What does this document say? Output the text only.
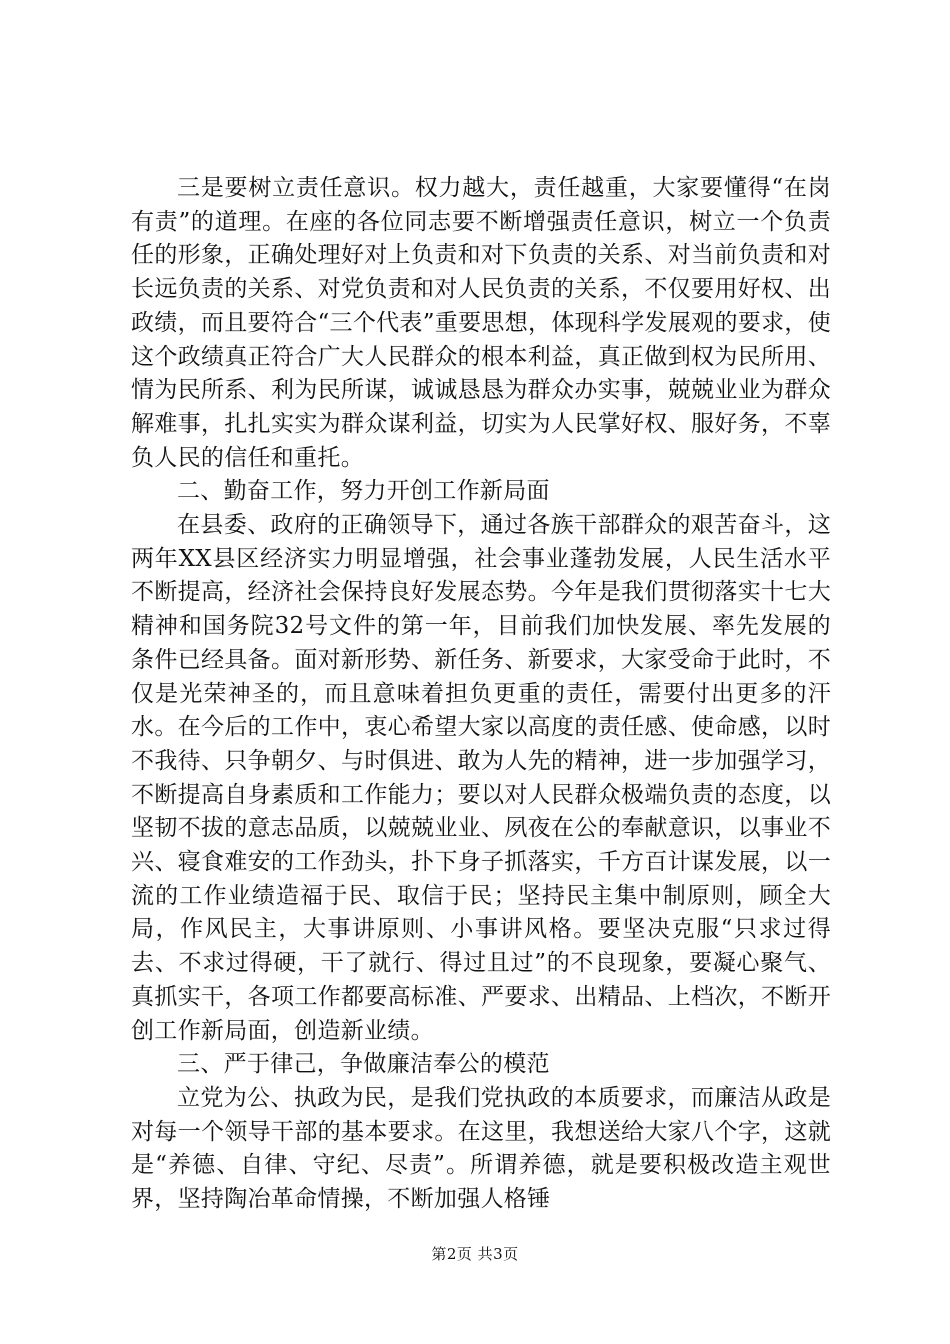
三是要树立责任意识。权力越大，责任越重，大家要懂得“在岗有责”的道理。在座的各位同志要不断增强责任意识，树立一个负责任的形象，正确处理好对上负责和对下负责的关系、对当前负责和对长远负责的关系、对党负责和对人民负责的关系，不仅要用好权、出政绩，而且要符合“三个代表”重要思想，体现科学发展观的要求，使这个政绩真正符合广大人民群众的根本利益，真正做到权为民所用、情为民所系、利为民所谋，诚诚恳恳为群众办实事，兢兢业业为群众解难事，扎扎实实为群众谋利益，切实为人民掌好权、服好务，不辜负人民的信任和重托。

二、勤奋工作，努力开创工作新局面

在县委、政府的正确领导下，通过各族干部群众的艰苦奋斗，这两年XX县区经济实力明显增强，社会事业蓬勃发展，人民生活水平不断提高，经济社会保持良好发展态势。今年是我们贯彻落实十七大精神和国务院32号文件的第一年，目前我们加快发展、率先发展的条件已经具备。面对新形势、新任务、新要求，大家受命于此时，不仅是光荣神圣的，而且意味着担负更重的责任，需要付出更多的汗水。在今后的工作中，衷心希望大家以高度的责任感、使命感，以时不我待、只争朝夕、与时俱进、敢为人先的精神，进一步加强学习，不断提高自身素质和工作能力；要以对人民群众极端负责的态度，以坚韧不拔的意志品质，以兢兢业业、夙夜在公的奉献意识，以事业不兴、寝食难安的工作劲头，扑下身子抓落实，千方百计谋发展，以一流的工作业绩造福于民、取信于民；坚持民主集中制原则，顾全大局，作风民主，大事讲原则、小事讲风格。要坚决克服“只求过得去、不求过得硬，干了就行、得过且过”的不良现象，要凝心聚气、真抓实干，各项工作都要高标准、严要求、出精品、上档次，不断开创工作新局面，创造新业绩。

三、严于律己，争做廉洁奉公的模范

立党为公、执政为民，是我们党执政的本质要求，而廉洁从政是对每一个领导干部的基本要求。在这里，我想送给大家八个字，这就是“养德、自律、守纪、尽责”。所谓养德，就是要积极改造主观世界，坚持陶冶革命情操，不断加强人格锤

第2页 共3页
